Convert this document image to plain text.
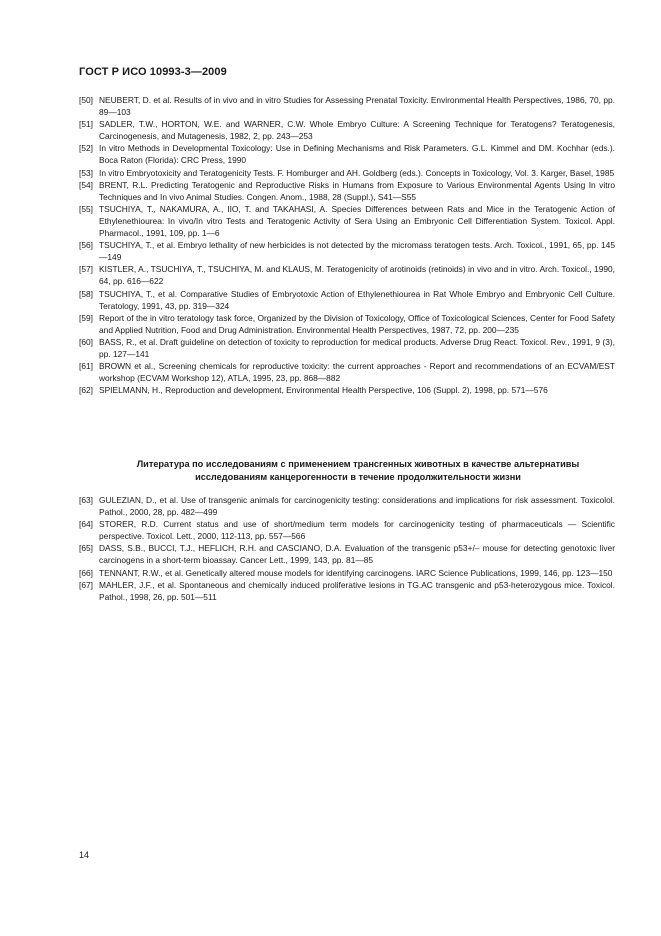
ГОСТ Р ИСО 10993-3—2009
[50] NEUBERT, D. et al. Results of in vivo and in vitro Studies for Assessing Prenatal Toxicity. Environmental Health Perspectives, 1986, 70, pp. 89—103
[51] SADLER, T.W., HORTON, W.E. and WARNER, C.W. Whole Embryo Culture: A Screening Technique for Teratogens? Teratogenesis, Carcinogenesis, and Mutagenesis, 1982, 2, pp. 243—253
[52] In vitro Methods in Developmental Toxicology: Use in Defining Mechanisms and Risk Parameters. G.L. Kimmel and DM. Kochhar (eds.). Boca Raton (Florida): CRC Press, 1990
[53] In vitro Embryotoxicity and Teratogenicity Tests. F. Homburger and AH. Goldberg (eds.). Concepts in Toxicology, Vol. 3. Karger, Basel, 1985
[54] BRENT, R.L. Predicting Teratogenic and Reproductive Risks in Humans from Exposure to Various Environmental Agents Using In vitro Techniques and In vivo Animal Studies. Congen. Anom., 1988, 28 (Suppl.), S41—S55
[55] TSUCHIYA, T., NAKAMURA, A., IIO, T. and TAKAHASI, A. Species Differences between Rats and Mice in the Teratogenic Action of Ethylenethiourea: In vivo/In vitro Tests and Teratogenic Activity of Sera Using an Embryonic Cell Differentiation System. Toxicol. Appl. Pharmacol., 1991, 109, pp. 1—6
[56] TSUCHIYA, T., et al. Embryo lethality of new herbicides is not detected by the micromass teratogen tests. Arch. Toxicol., 1991, 65, pp. 145—149
[57] KISTLER, A., TSUCHIYA, T., TSUCHIYA, M. and KLAUS, M. Teratogenicity of arotinoids (retinoids) in vivo and in vitro. Arch. Toxicol., 1990, 64, pp. 616—622
[58] TSUCHIYA, T., et al. Comparative Studies of Embryotoxic Action of Ethylenethiourea in Rat Whole Embryo and Embryonic Cell Culture. Teratology, 1991, 43, pp. 319—324
[59] Report of the in vitro teratology task force, Organized by the Division of Toxicology, Office of Toxicological Sciences, Center for Food Safety and Applied Nutrition, Food and Drug Administration. Environmental Health Perspectives, 1987, 72, pp. 200—235
[60] BASS, R., et al. Draft guideline on detection of toxicity to reproduction for medical products. Adverse Drug React. Toxicol. Rev., 1991, 9 (3), pp. 127—141
[61] BROWN et al., Screening chemicals for reproductive toxicity: the current approaches - Report and recommendations of an ECVAM/EST workshop (ECVAM Workshop 12), ATLA, 1995, 23, pp. 868—882
[62] SPIELMANN, H., Reproduction and development, Environmental Health Perspective, 106 (Suppl. 2), 1998, pp. 571—576
Литература по исследованиям с применением трансгенных животных в качестве альтернативы исследованиям канцерогенности в течение продолжительности жизни
[63] GULEZIAN, D., et al. Use of transgenic animals for carcinogenicity testing: considerations and implications for risk assessment. Toxicolol. Pathol., 2000, 28, pp. 482—499
[64] STORER, R.D. Current status and use of short/medium term models for carcinogenicity testing of pharmaceuticals — Scientific perspective. Toxicol. Lett., 2000, 112-113, pp. 557—566
[65] DASS, S.B., BUCCI, T.J., HEFLICH, R.H. and CASCIANO, D.A. Evaluation of the transgenic p53+/– mouse for detecting genotoxic liver carcinogens in a short-term bioassay. Cancer Lett., 1999, 143, pp. 81—85
[66] TENNANT, R.W., et al. Genetically altered mouse models for identifying carcinogens. IARC Science Publications, 1999, 146, pp. 123—150
[67] MAHLER, J.F., et al. Spontaneous and chemically induced proliferative lesions in TG.AC transgenic and p53-heterozygous mice. Toxicol. Pathol., 1998, 26, pp. 501—511
14
